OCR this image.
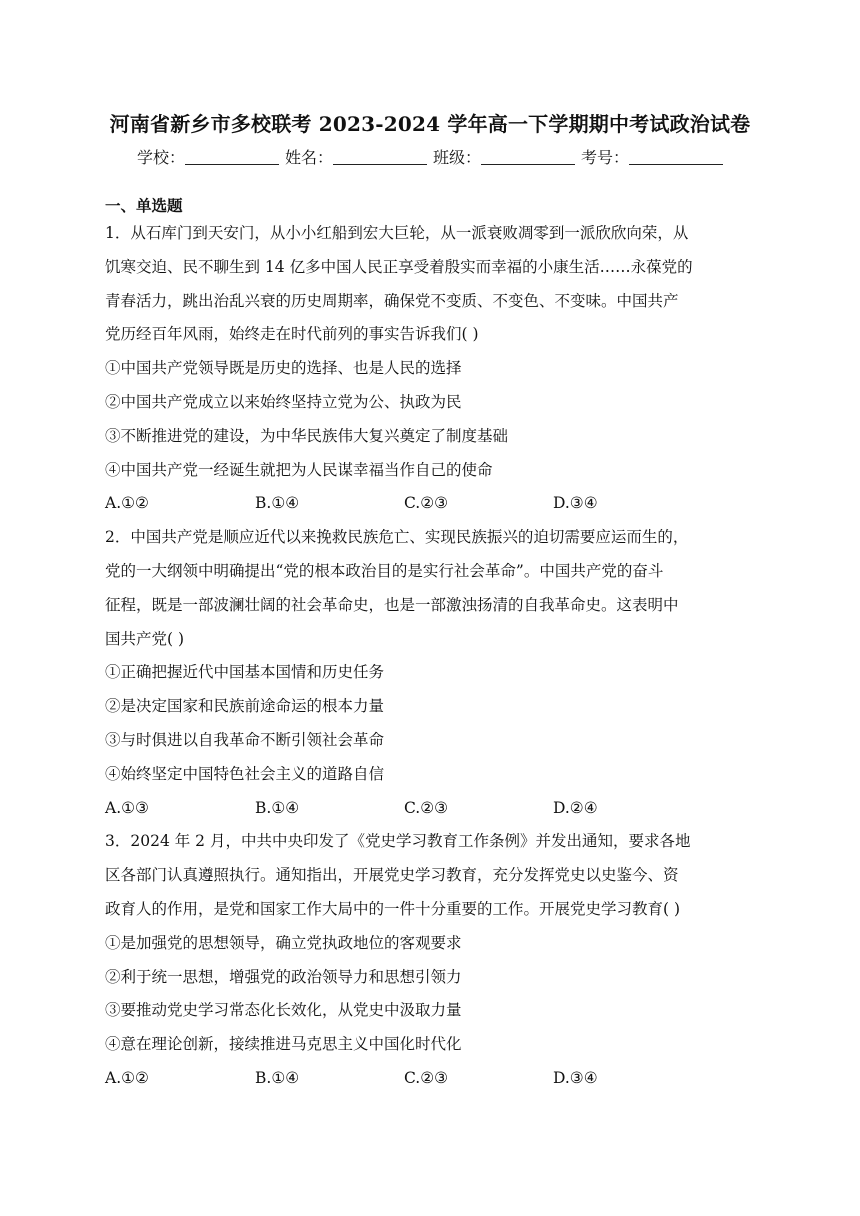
河南省新乡市多校联考 2023-2024 学年高一下学期期中考试政治试卷
学校：	姓名：	班级：	考号：
一、单选题
1．从石库门到天安门，从小小红船到宏大巨轮，从一派衰败凋零到一派欣欣向荣，从
饥寒交迫、民不聊生到 14 亿多中国人民正享受着殷实而幸福的小康生活……永葆党的
青春活力，跳出治乱兴衰的历史周期率，确保党不变质、不变色、不变味。中国共产
党历经百年风雨，始终走在时代前列的事实告诉我们( )
①中国共产党领导既是历史的选择、也是人民的选择
②中国共产党成立以来始终坚持立党为公、执政为民
③不断推进党的建设，为中华民族伟大复兴奠定了制度基础
④中国共产党一经诞生就把为人民谋幸福当作自己的使命
A.①②	B.①④	C.②③	D.③④
2．中国共产党是顺应近代以来挽救民族危亡、实现民族振兴的迫切需要应运而生的，
党的一大纲领中明确提出“党的根本政治目的是实行社会革命”。中国共产党的奋斗
征程，既是一部波澜壮阔的社会革命史，也是一部激浊扬清的自我革命史。这表明中
国共产党( )
①正确把握近代中国基本国情和历史任务
②是决定国家和民族前途命运的根本力量
③与时俱进以自我革命不断引领社会革命
④始终坚定中国特色社会主义的道路自信
A.①③	B.①④	C.②③	D.②④
3．2024 年 2 月，中共中央印发了《党史学习教育工作条例》并发出通知，要求各地
区各部门认真遵照执行。通知指出，开展党史学习教育，充分发挥党史以史鉴今、资
政育人的作用，是党和国家工作大局中的一件十分重要的工作。开展党史学习教育( )
①是加强党的思想领导，确立党执政地位的客观要求
②利于统一思想，增强党的政治领导力和思想引领力
③要推动党史学习常态化长效化，从党史中汲取力量
④意在理论创新，接续推进马克思主义中国化时代化
A.①②	B.①④	C.②③	D.③④
